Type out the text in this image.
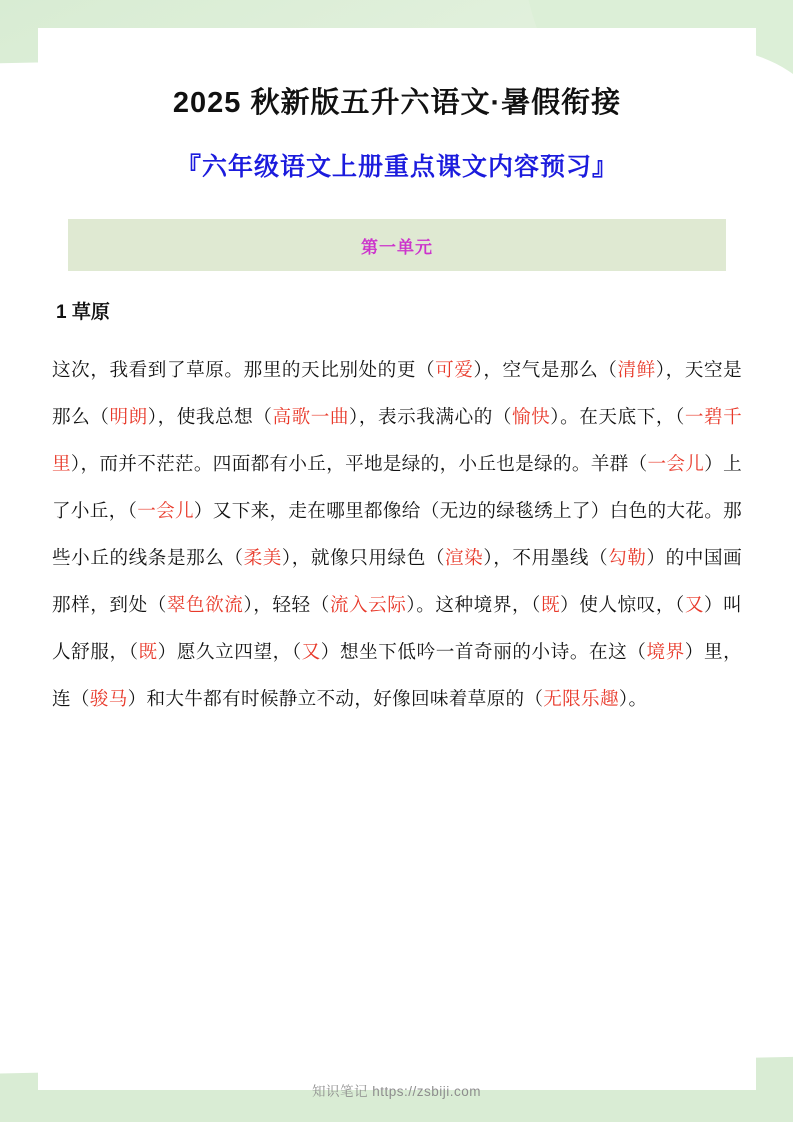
2025 秋新版五升六语文·暑假衔接
『六年级语文上册重点课文内容预习』
第一单元
1 草原
这次，我看到了草原。那里的天比别处的更（可爱），空气是那么（清鲜），天空是那么（明朗），使我总想（高歌一曲），表示我满心的（愉快）。在天底下，（一碧千里），而并不茫茫。四面都有小丘，平地是绿的，小丘也是绿的。羊群（一会儿）上了小丘，（一会儿）又下来，走在哪里都像给（无边的绿毯绣上了）白色的大花。那些小丘的线条是那么（柔美），就像只用绿色（渲染），不用墨线（勾勒）的中国画那样，到处（翠色欲流），轻轻（流入云际）。这种境界，（既）使人惊叹，（又）叫人舒服，（既）愿久立四望，（又）想坐下低吟一首奇丽的小诗。在这（境界）里，连（骏马）和大牛都有时候静立不动，好像回味着草原的（无限乐趣）。
知识笔记 https://zsbiji.com
